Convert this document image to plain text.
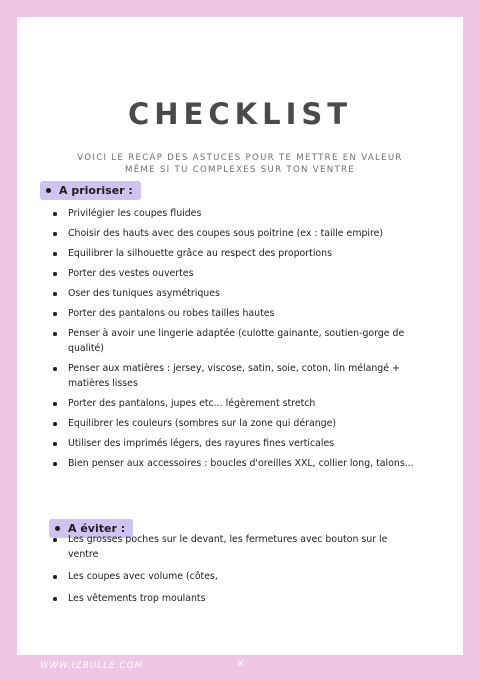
CHECKLIST
VOICI LE RECAP DES ASTUCES POUR TE METTRE EN VALEUR
MÊME SI TU COMPLEXES SUR TON VENTRE
A prioriser :
Privilégier les coupes fluides
Choisir des hauts avec des coupes sous poitrine (ex : taille empire)
Equilibrer la silhouette grâce au respect des proportions
Porter des vestes ouvertes
Oser des tuniques asymétriques
Porter des pantalons ou robes tailles hautes
Penser à avoir une lingerie adaptée (culotte gainante, soutien-gorge de qualité)
Penser aux matières : jersey, viscose, satin, soie, coton, lin mélangé + matières lisses
Porter des pantalons, jupes etc... légèrement stretch
Equilibrer les couleurs (sombres sur la zone qui dérange)
Utiliser des imprimés légers, des rayures fines verticales
Bien penser aux accessoires : boucles d'oreilles XXL, collier long, talons...
A éviter :
Les grosses poches sur le devant, les fermetures avec bouton sur le ventre
Les coupes avec volume (côtes,
Les vêtements trop moulants
WWW.IZBULLE.COM	✕
